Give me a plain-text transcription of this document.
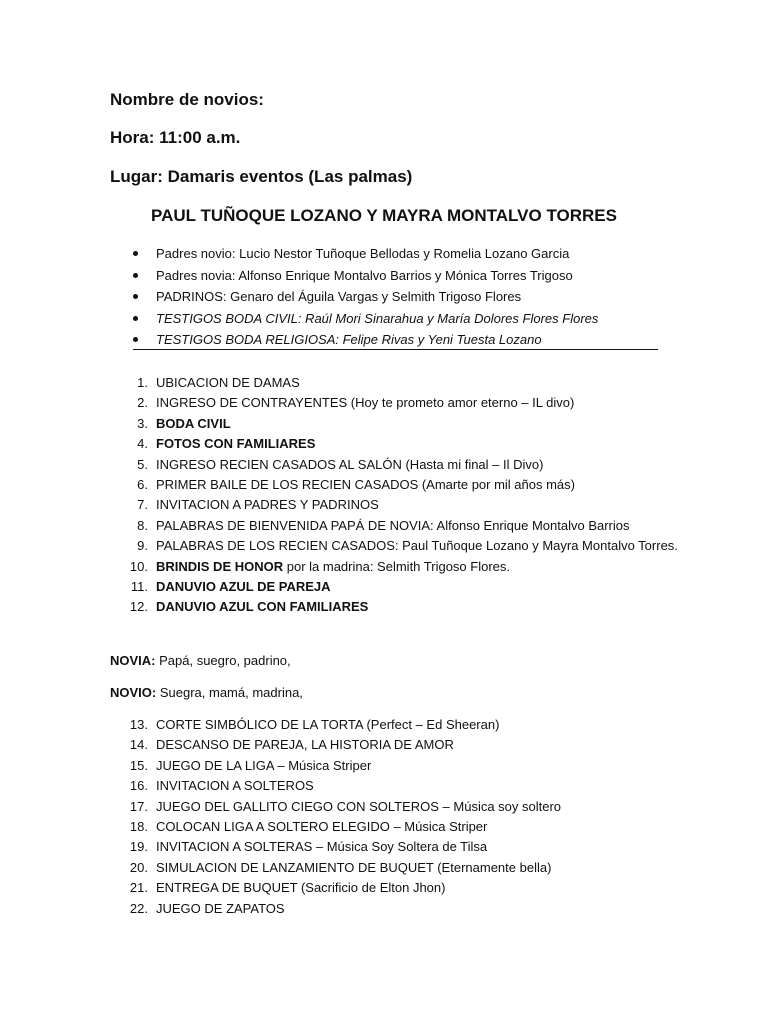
Nombre de novios:
Hora: 11:00 a.m.
Lugar: Damaris eventos (Las palmas)
PAUL TUÑOQUE LOZANO Y MAYRA MONTALVO TORRES
Padres novio: Lucio Nestor Tuñoque Bellodas y Romelia Lozano Garcia
Padres novia: Alfonso Enrique Montalvo Barrios y Mónica Torres Trigoso
PADRINOS: Genaro del Águila Vargas y Selmith Trigoso Flores
TESTIGOS BODA CIVIL: Raúl Mori Sinarahua y María Dolores Flores Flores
TESTIGOS BODA RELIGIOSA: Felipe Rivas y Yeni Tuesta Lozano
1. UBICACION DE DAMAS
2. INGRESO DE CONTRAYENTES (Hoy te prometo amor eterno – IL divo)
3. BODA CIVIL
4. FOTOS CON FAMILIARES
5. INGRESO RECIEN CASADOS AL SALÓN (Hasta mi final – Il Divo)
6. PRIMER BAILE DE LOS RECIEN CASADOS (Amarte por mil años más)
7. INVITACION A PADRES Y PADRINOS
8. PALABRAS DE BIENVENIDA PAPÁ DE NOVIA: Alfonso Enrique Montalvo Barrios
9. PALABRAS DE LOS RECIEN CASADOS: Paul Tuñoque Lozano y Mayra Montalvo Torres.
10. BRINDIS DE HONOR por la madrina: Selmith Trigoso Flores.
11. DANUVIO AZUL DE PAREJA
12. DANUVIO AZUL CON FAMILIARES
NOVIA: Papá, suegro, padrino,
NOVIO: Suegra, mamá, madrina,
13. CORTE SIMBÓLICO DE LA TORTA (Perfect – Ed Sheeran)
14. DESCANSO DE PAREJA, LA HISTORIA DE AMOR
15. JUEGO DE LA LIGA – Música Striper
16. INVITACION A SOLTEROS
17. JUEGO DEL GALLITO CIEGO CON SOLTEROS – Música soy soltero
18. COLOCAN LIGA A SOLTERO ELEGIDO – Música Striper
19. INVITACION A SOLTERAS – Música Soy Soltera de Tilsa
20. SIMULACION DE LANZAMIENTO DE BUQUET (Eternamente bella)
21. ENTREGA DE BUQUET (Sacrificio de Elton Jhon)
22. JUEGO DE ZAPATOS
